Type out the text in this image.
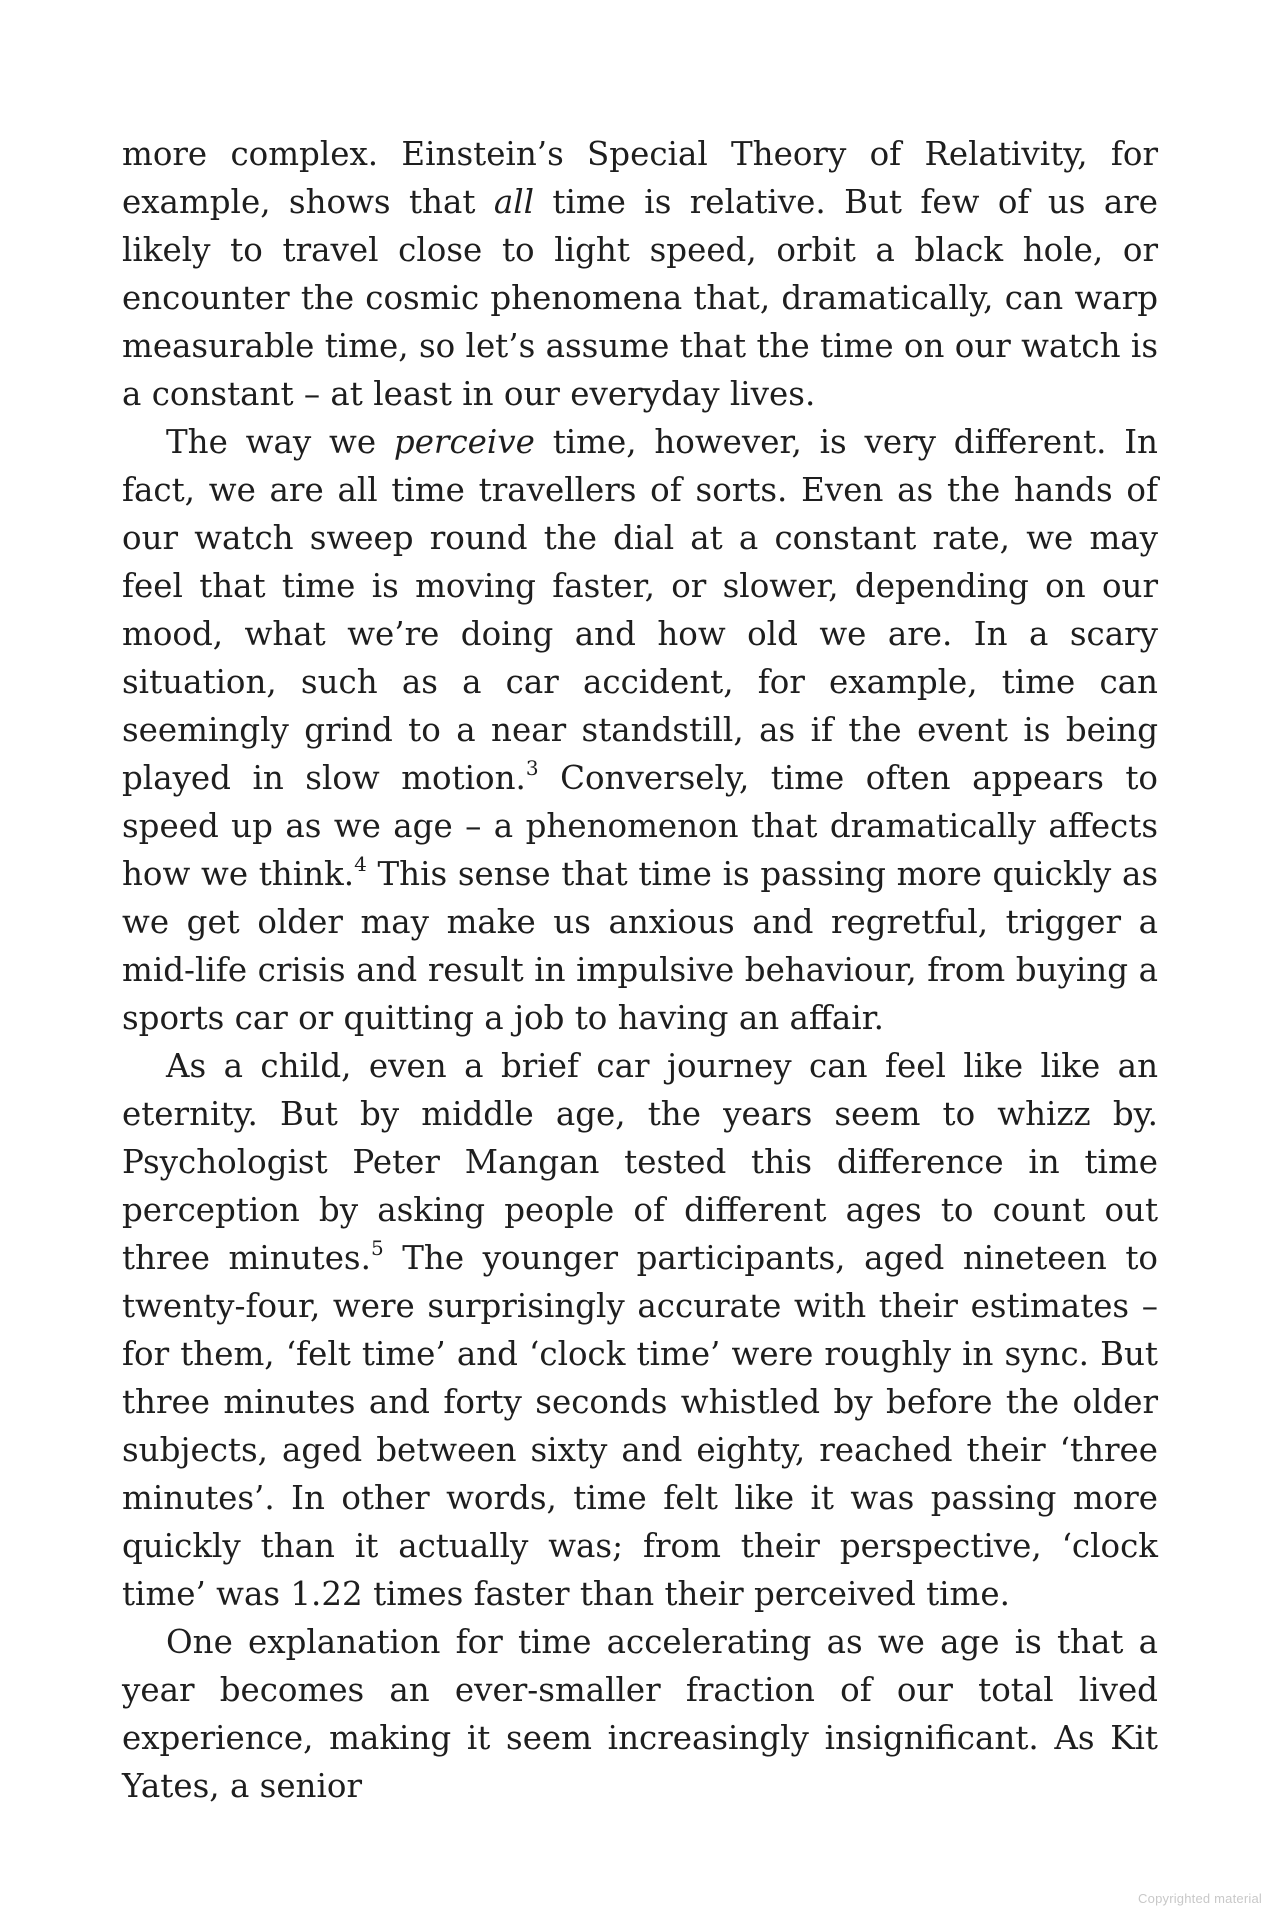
more complex. Einstein’s Special Theory of Relativity, for example, shows that all time is relative. But few of us are likely to travel close to light speed, orbit a black hole, or encounter the cosmic phenomena that, dramatically, can warp measurable time, so let’s assume that the time on our watch is a constant – at least in our everyday lives.

The way we perceive time, however, is very different. In fact, we are all time travellers of sorts. Even as the hands of our watch sweep round the dial at a constant rate, we may feel that time is moving faster, or slower, depending on our mood, what we’re doing and how old we are. In a scary situation, such as a car accident, for example, time can seemingly grind to a near standstill, as if the event is being played in slow motion.$^3$ Conversely, time often appears to speed up as we age – a phenomenon that dramatically affects how we think.$^4$ This sense that time is passing more quickly as we get older may make us anxious and regretful, trigger a mid-life crisis and result in impulsive behaviour, from buying a sports car or quitting a job to having an affair.

As a child, even a brief car journey can feel like like an eternity. But by middle age, the years seem to whizz by. Psychologist Peter Mangan tested this difference in time perception by asking people of different ages to count out three minutes.$^5$ The younger participants, aged nineteen to twenty-four, were surprisingly accurate with their estimates – for them, ‘felt time’ and ‘clock time’ were roughly in sync. But three minutes and forty seconds whistled by before the older subjects, aged between sixty and eighty, reached their ‘three minutes’. In other words, time felt like it was passing more quickly than it actually was; from their perspective, ‘clock time’ was 1.22 times faster than their perceived time.

One explanation for time accelerating as we age is that a year becomes an ever-smaller fraction of our total lived experience, making it seem increasingly insignificant. As Kit Yates, a senior

Copyrighted material
